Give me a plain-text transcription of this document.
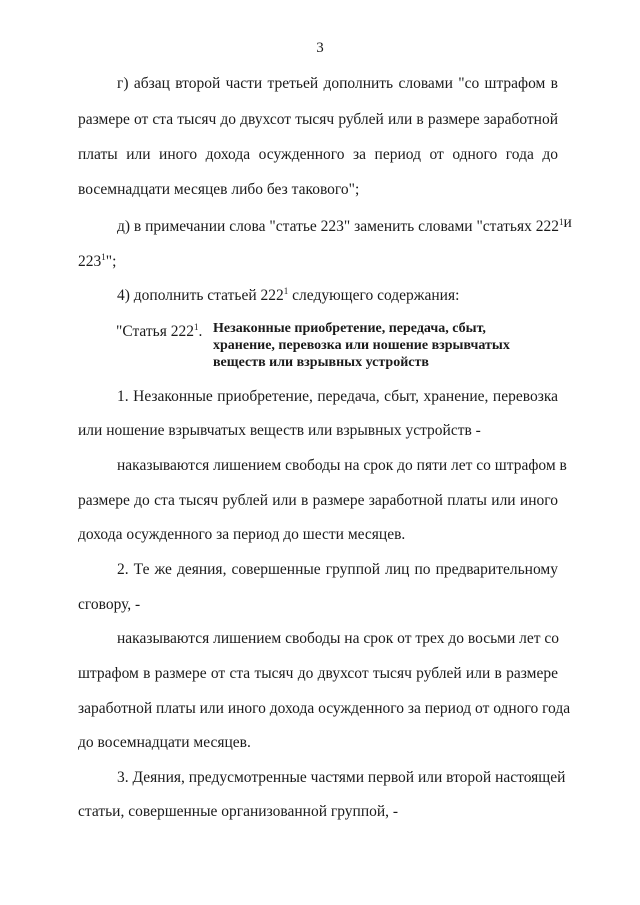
3
г) абзац второй части третьей дополнить словами "со штрафом в
размере от ста тысяч до двухсот тысяч рублей или в размере заработной
платы или иного дохода осужденного за период от одного года до
восемнадцати месяцев либо без такового";
д) в примечании слова "статье 223" заменить словами "статьях $222^1$ и
$223^1$";
4) дополнить статьей $222^1$ следующего содержания:
"Статья $222^1$. Незаконные приобретение, передача, сбыт, хранение, перевозка или ношение взрывчатых веществ или взрывных устройств
1. Незаконные приобретение, передача, сбыт, хранение, перевозка
или ношение взрывчатых веществ или взрывных устройств -
наказываются лишением свободы на срок до пяти лет со штрафом в
размере до ста тысяч рублей или в размере заработной платы или иного
дохода осужденного за период до шести месяцев.
2. Те же деяния, совершенные группой лиц по предварительному
сговору, -
наказываются лишением свободы на срок от трех до восьми лет со
штрафом в размере от ста тысяч до двухсот тысяч рублей или в размере
заработной платы или иного дохода осужденного за период от одного года
до восемнадцати месяцев.
3. Деяния, предусмотренные частями первой или второй настоящей
статьи, совершенные организованной группой, -
